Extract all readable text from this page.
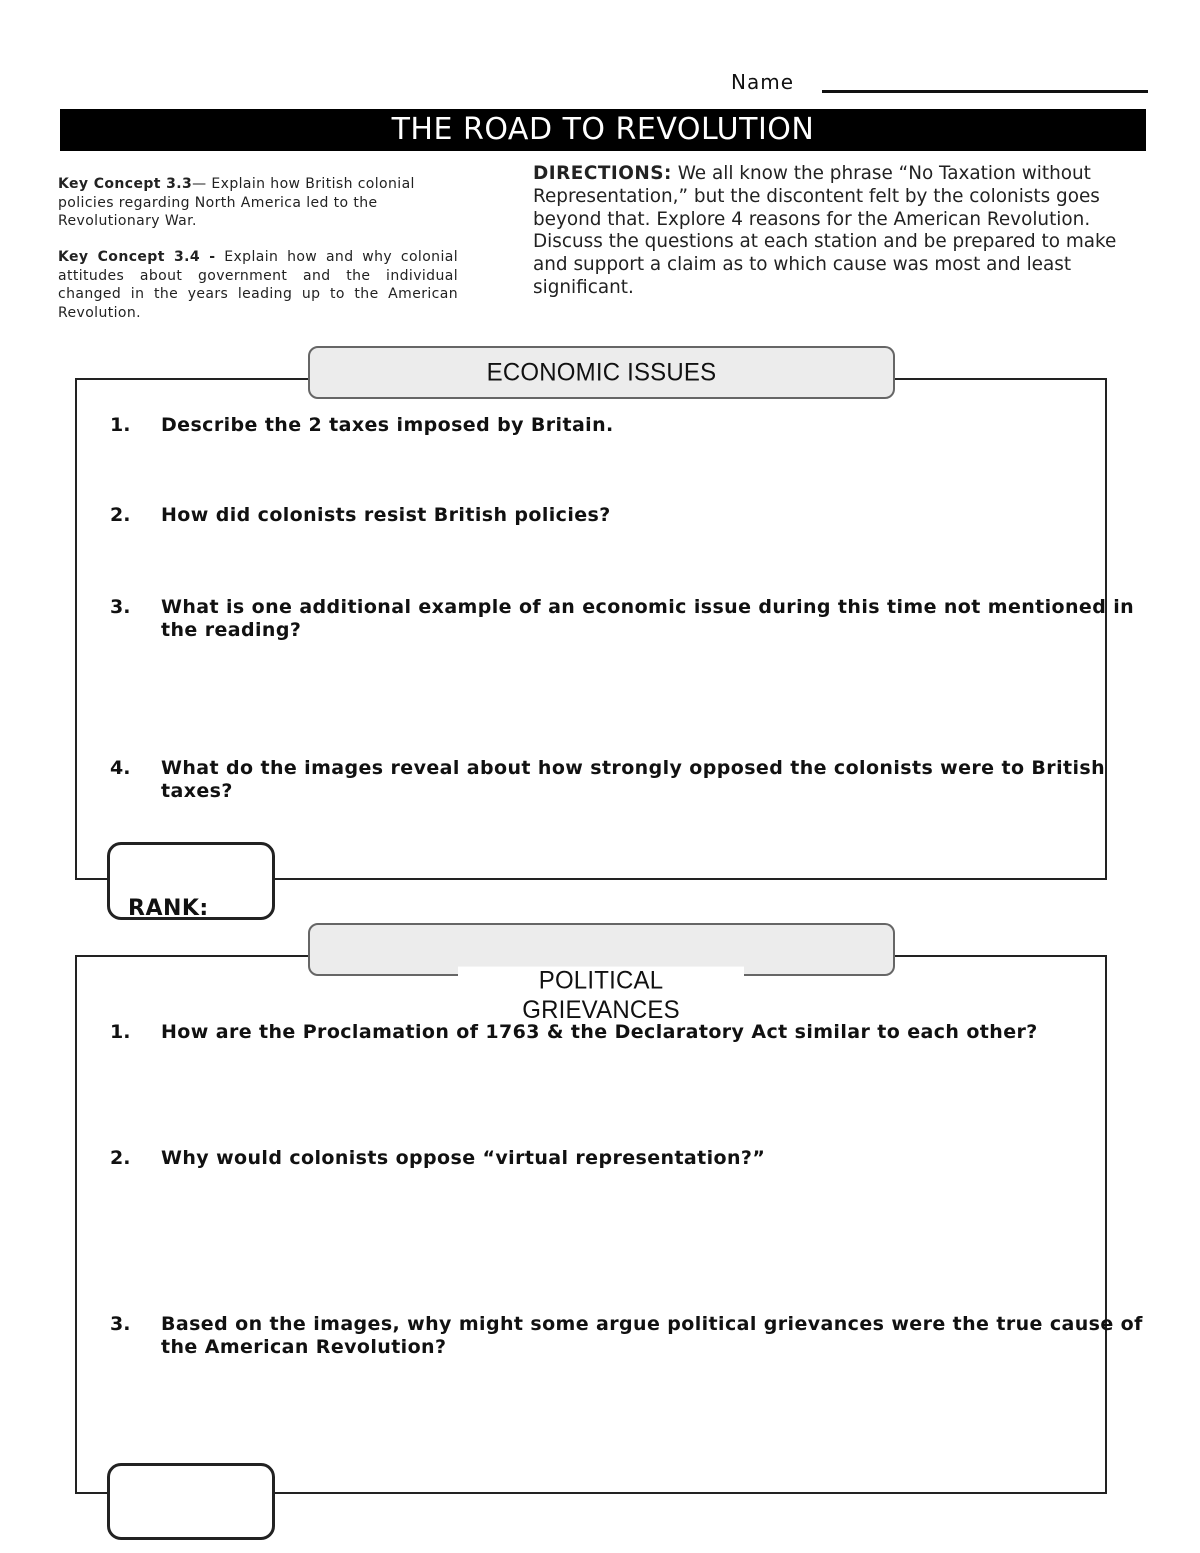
Name
THE ROAD TO REVOLUTION
Key Concept 3.3— Explain how British colonial policies regarding North America led to the Revolutionary War.
Key Concept 3.4 - Explain how and why colonial attitudes about government and the individual changed in the years leading up to the American Revolution.
DIRECTIONS: We all know the phrase “No Taxation without Representation,” but the discontent felt by the colonists goes beyond that. Explore 4 reasons for the American Revolution. Discuss the questions at each station and be prepared to make and support a claim as to which cause was most and least significant.
ECONOMIC ISSUES
1. Describe the 2 taxes imposed by Britain.
2. How did colonists resist British policies?
3. What is one additional example of an economic issue during this time not mentioned in the reading?
4. What do the images reveal about how strongly opposed the colonists were to British taxes?
RANK:
POLITICAL GRIEVANCES
1. How are the Proclamation of 1763 & the Declaratory Act similar to each other?
2. Why would colonists oppose “virtual representation?”
3. Based on the images, why might some argue political grievances were the true cause of the American Revolution?
